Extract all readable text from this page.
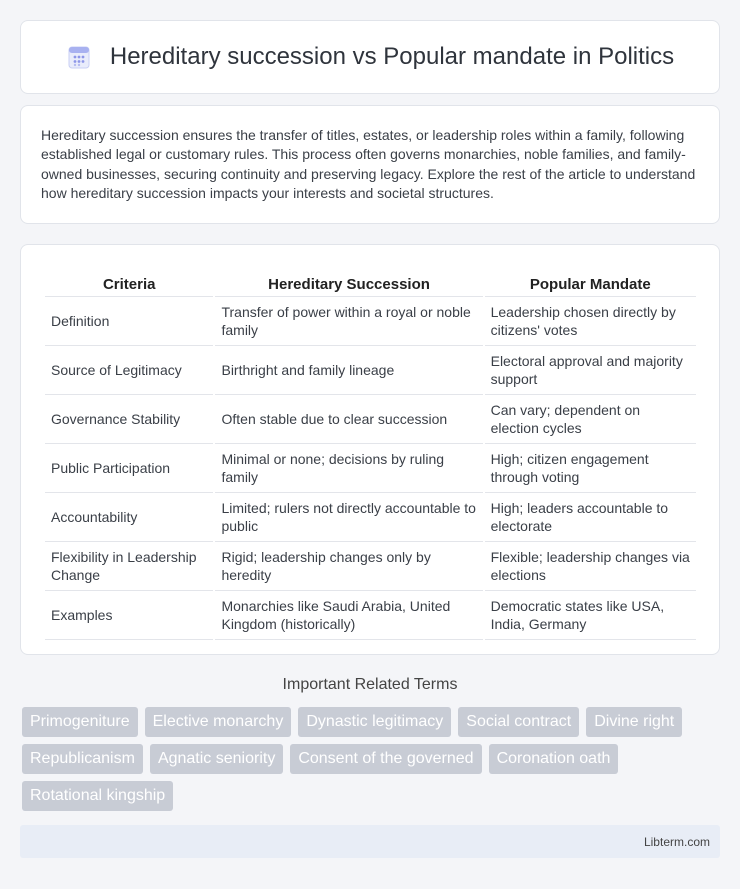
Hereditary succession vs Popular mandate in Politics

Hereditary succession ensures the transfer of titles, estates, or leadership roles within a family, following established legal or customary rules. This process often governs monarchies, noble families, and family-owned businesses, securing continuity and preserving legacy. Explore the rest of the article to understand how hereditary succession impacts your interests and societal structures.

Criteria	Hereditary Succession	Popular Mandate
Definition	Transfer of power within a royal or noble family	Leadership chosen directly by citizens' votes
Source of Legitimacy	Birthright and family lineage	Electoral approval and majority support
Governance Stability	Often stable due to clear succession	Can vary; dependent on election cycles
Public Participation	Minimal or none; decisions by ruling family	High; citizen engagement through voting
Accountability	Limited; rulers not directly accountable to public	High; leaders accountable to electorate
Flexibility in Leadership Change	Rigid; leadership changes only by heredity	Flexible; leadership changes via elections
Examples	Monarchies like Saudi Arabia, United Kingdom (historically)	Democratic states like USA, India, Germany
Important Related Terms
Primogeniture	Elective monarchy	Dynastic legitimacy	Social contract	Divine right
Republicanism	Agnatic seniority	Consent of the governed	Coronation oath
Rotational kingship
Libterm.com
